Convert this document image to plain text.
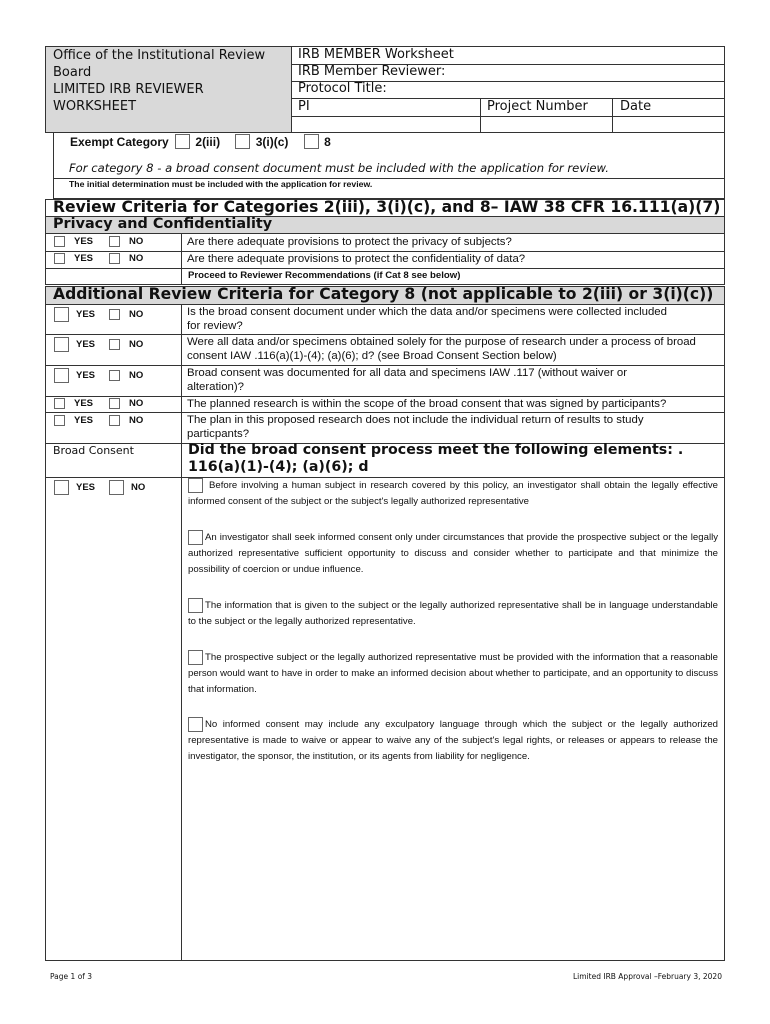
Office of the Institutional Review
Board
LIMITED IRB REVIEWER
WORKSHEET
IRB MEMBER Worksheet
IRB Member Reviewer:
Protocol Title:
PI	Project Number Date
Exempt Category 2(iii)	3(i)(c)	8
For category 8 - a broad consent document must be included with the application for review.
The initial determination must be included with the application for review.
Review Criteria for Categories 2(iii), 3(i)(c), and 8– IAW 38 CFR 16.111(a)(7)
Privacy and Confidentiality
YES	NO	Are there adequate provisions to protect the privacy of subjects?
YES	NO	Are there adequate provisions to protect the confidentiality of data?
Proceed to Reviewer Recommendations (if Cat 8 see below)
Additional Review Criteria for Category 8 (not applicable to 2(iii) or 3(i)(c))
YES	NO	Is the broad consent document under which the data and/or specimens were collected included for review?
YES	NO	Were all data and/or specimens obtained solely for the purpose of research under a process of broad consent IAW .116(a)(1)-(4); (a)(6); d? (see Broad Consent Section below)
YES	NO	Broad consent was documented for all data and specimens IAW .117 (without waiver or alteration)?
YES	NO	The planned research is within the scope of the broad consent that was signed by participants?
YES	NO	The plan in this proposed research does not include the individual return of results to study particpants?
Broad Consent	Did the broad consent process meet the following elements: . 116(a)(1)-(4); (a)(6); d
YES	NO	Before involving a human subject in research covered by this policy, an investigator shall obtain the legally effective informed consent of the subject or the subject's legally authorized representative
An investigator shall seek informed consent only under circumstances that provide the prospective subject or the legally authorized representative sufficient opportunity to discuss and consider whether to participate and that minimize the possibility of coercion or undue influence.
The information that is given to the subject or the legally authorized representative shall be in language understandable to the subject or the legally authorized representative.
The prospective subject or the legally authorized representative must be provided with the information that a reasonable person would want to have in order to make an informed decision about whether to participate, and an opportunity to discuss that information.
No informed consent may include any exculpatory language through which the subject or the legally authorized representative is made to waive or appear to waive any of the subject's legal rights, or releases or appears to release the investigator, the sponsor, the institution, or its agents from liability for negligence.
Page 1 of 3	Limited IRB Approval –February 3, 2020
